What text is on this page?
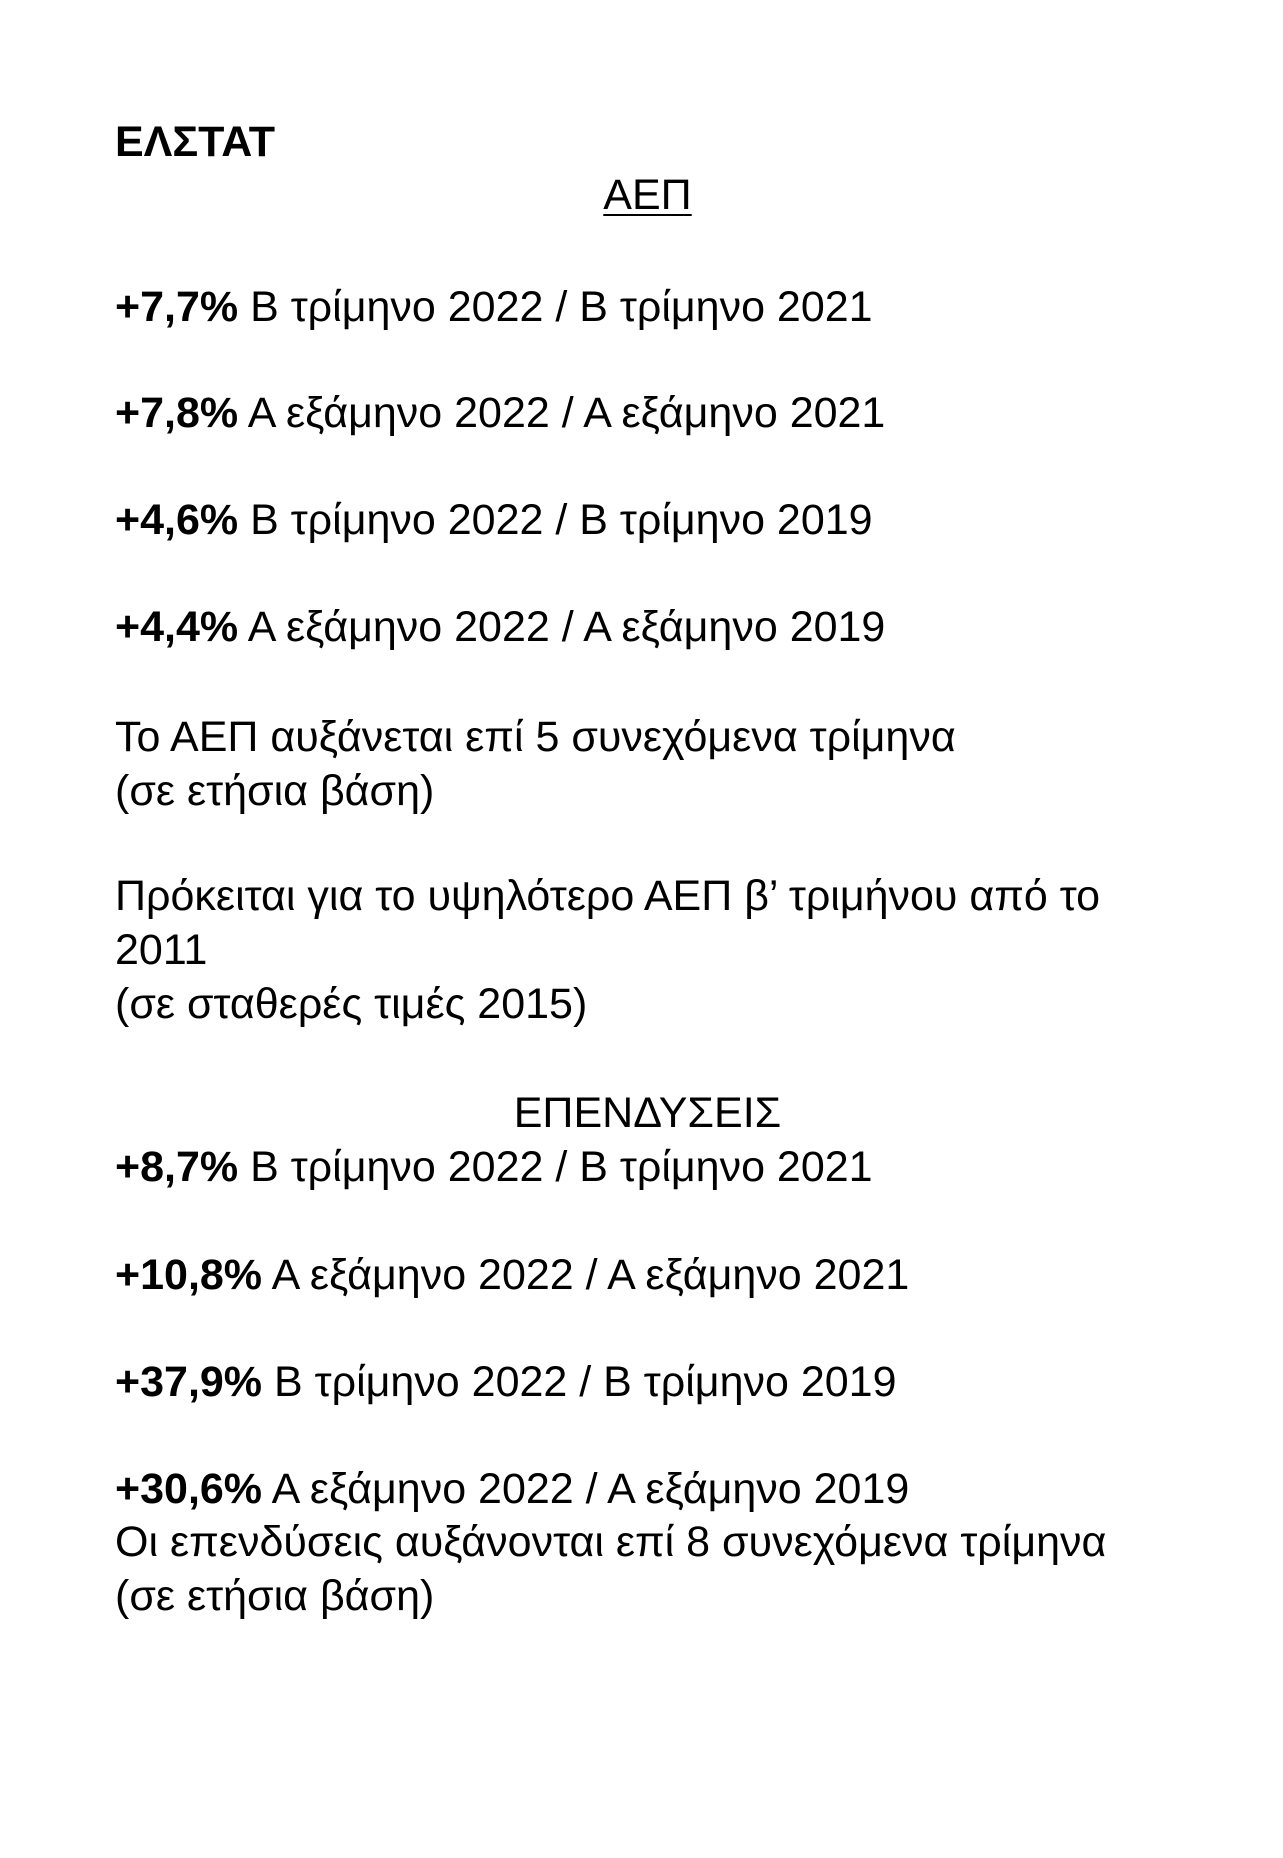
ΕΛΣΤΑΤ
ΑΕΠ
+7,7% Β τρίμηνο 2022 / Β τρίμηνο 2021
+7,8% Α εξάμηνο 2022 / Α εξάμηνο 2021
+4,6% Β τρίμηνο 2022 / Β τρίμηνο 2019
+4,4% Α εξάμηνο 2022 / Α εξάμηνο 2019
Το ΑΕΠ αυξάνεται επί 5 συνεχόμενα τρίμηνα
(σε ετήσια βάση)
Πρόκειται για το υψηλότερο ΑΕΠ β’ τριμήνου από το
2011
(σε σταθερές τιμές 2015)
ΕΠΕΝΔΥΣΕΙΣ
+8,7% Β τρίμηνο 2022 / Β τρίμηνο 2021
+10,8% Α εξάμηνο 2022 / Α εξάμηνο 2021
+37,9% Β τρίμηνο 2022 / Β τρίμηνο 2019
+30,6% Α εξάμηνο 2022 / Α εξάμηνο 2019
Οι επενδύσεις αυξάνονται επί 8 συνεχόμενα τρίμηνα
(σε ετήσια βάση)
